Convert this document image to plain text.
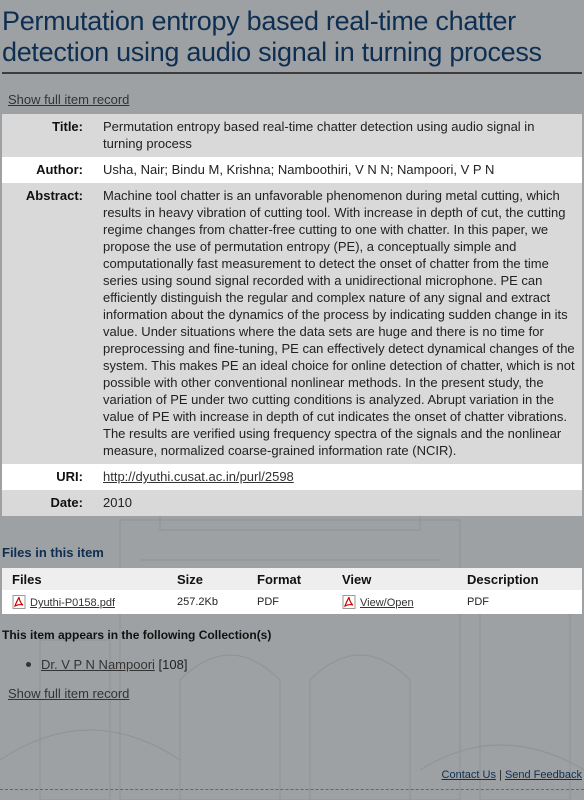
Permutation entropy based real-time chatter detection using audio signal in turning process
Show full item record
Title:	Permutation entropy based real-time chatter detection using audio signal in turning process
Author:	Usha, Nair; Bindu M, Krishna; Namboothiri, V N N; Nampoori, V P N
Abstract:	Machine tool chatter is an unfavorable phenomenon during metal cutting, which results in heavy vibration of cutting tool. With increase in depth of cut, the cutting regime changes from chatter-free cutting to one with chatter. In this paper, we propose the use of permutation entropy (PE), a conceptually simple and computationally fast measurement to detect the onset of chatter from the time series using sound signal recorded with a unidirectional microphone. PE can efficiently distinguish the regular and complex nature of any signal and extract information about the dynamics of the process by indicating sudden change in its value. Under situations where the data sets are huge and there is no time for preprocessing and fine-tuning, PE can effectively detect dynamical changes of the system. This makes PE an ideal choice for online detection of chatter, which is not possible with other conventional nonlinear methods. In the present study, the variation of PE under two cutting conditions is analyzed. Abrupt variation in the value of PE with increase in depth of cut indicates the onset of chatter vibrations. The results are verified using frequency spectra of the signals and the nonlinear measure, normalized coarse-grained information rate (NCIR).
URI:	http://dyuthi.cusat.ac.in/purl/2598
Date:	2010
Files in this item
Files	Size	Format	View	Description
Dyuthi-P0158.pdf	257.2Kb	PDF	View/Open	PDF
This item appears in the following Collection(s)
Dr. V P N Nampoori [108]
Show full item record
Contact Us | Send Feedback
